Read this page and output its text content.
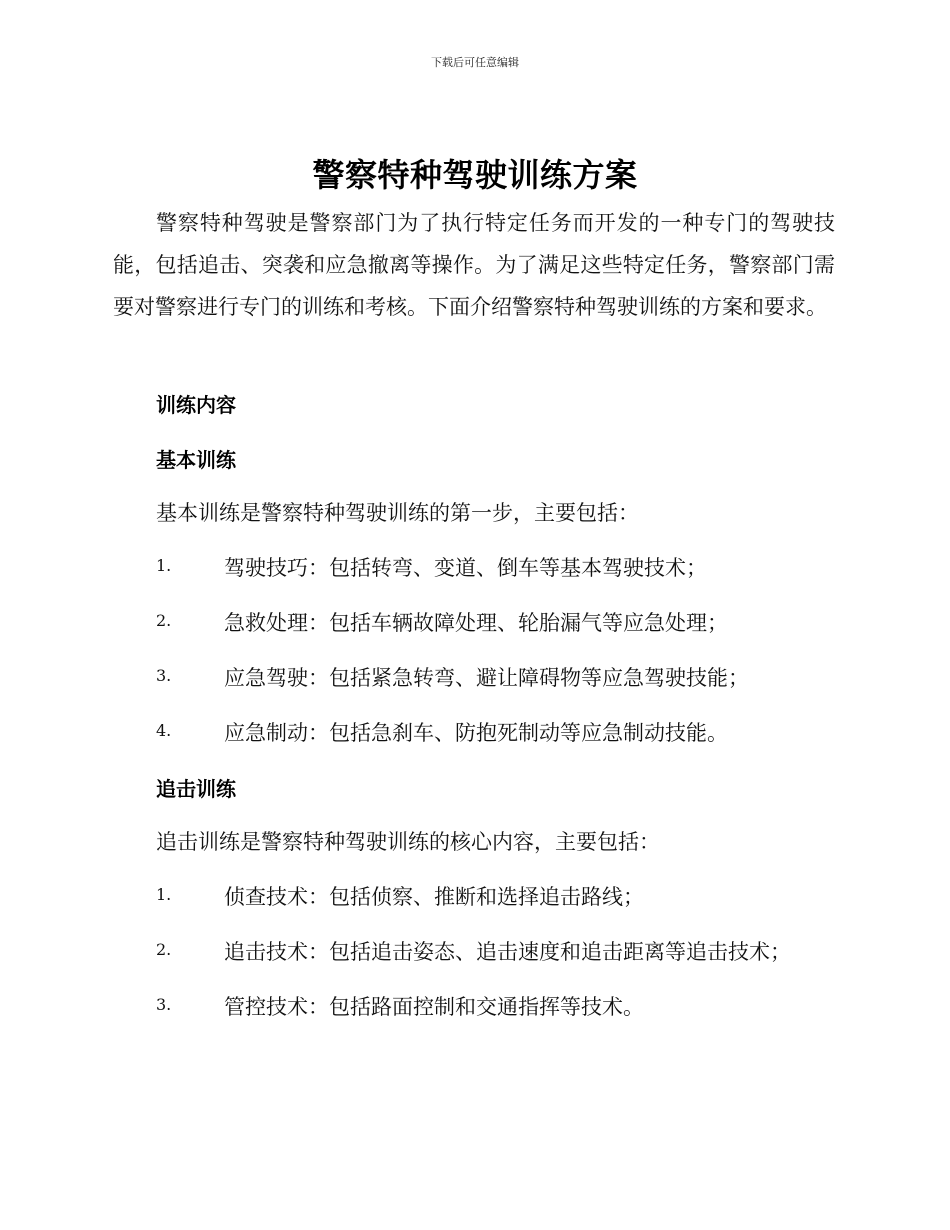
下载后可任意编辑
警察特种驾驶训练方案

警察特种驾驶是警察部门为了执行特定任务而开发的一种专门的驾驶技能，包括追击、突袭和应急撤离等操作。为了满足这些特定任务，警察部门需要对警察进行专门的训练和考核。下面介绍警察特种驾驶训练的方案和要求。

训练内容
基本训练
基本训练是警察特种驾驶训练的第一步，主要包括：
1.	驾驶技巧：包括转弯、变道、倒车等基本驾驶技术；
2.	急救处理：包括车辆故障处理、轮胎漏气等应急处理；
3.	应急驾驶：包括紧急转弯、避让障碍物等应急驾驶技能；
4.	应急制动：包括急刹车、防抱死制动等应急制动技能。
追击训练
追击训练是警察特种驾驶训练的核心内容，主要包括：
1.	侦查技术：包括侦察、推断和选择追击路线；
2.	追击技术：包括追击姿态、追击速度和追击距离等追击技术；
3.	管控技术：包括路面控制和交通指挥等技术。
